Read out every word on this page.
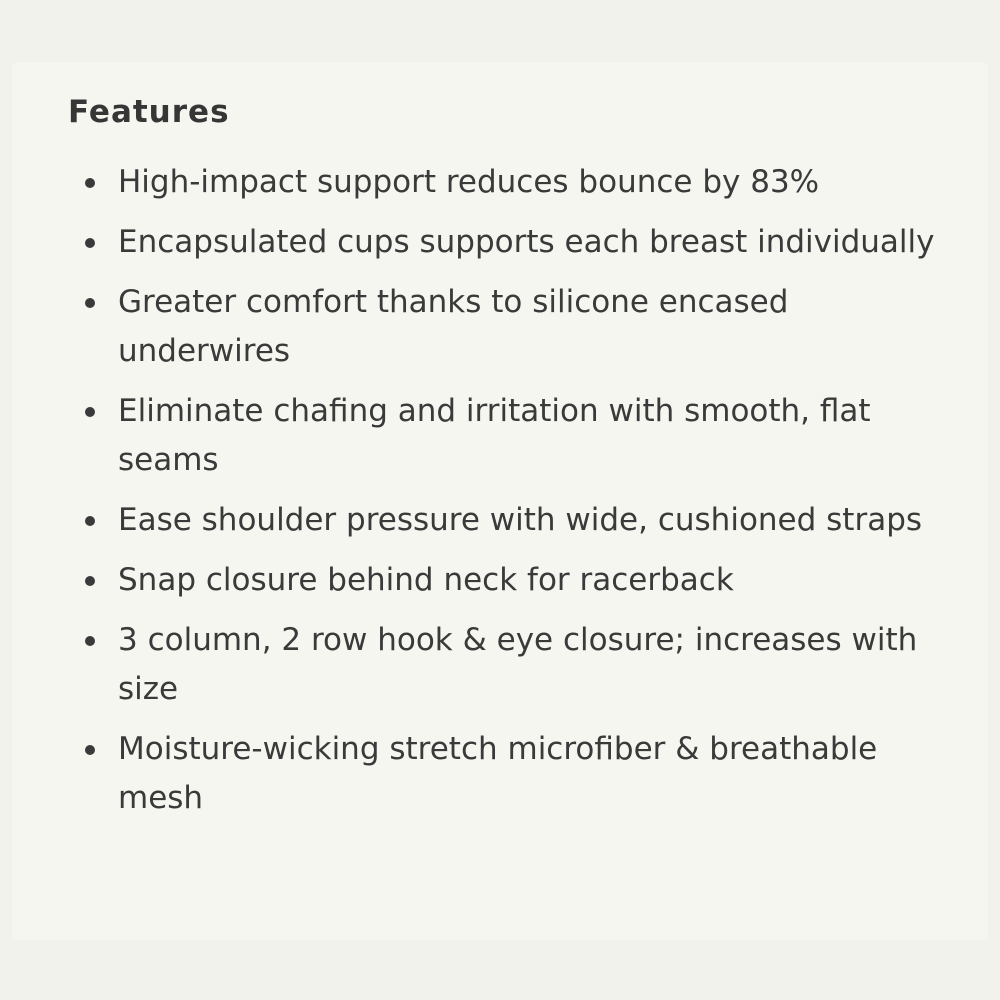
Features
High-impact support reduces bounce by 83%
Encapsulated cups supports each breast individually
Greater comfort thanks to silicone encased underwires
Eliminate chafing and irritation with smooth, flat seams
Ease shoulder pressure with wide, cushioned straps
Snap closure behind neck for racerback
3 column, 2 row hook & eye closure; increases with size
Moisture-wicking stretch microfiber & breathable mesh
